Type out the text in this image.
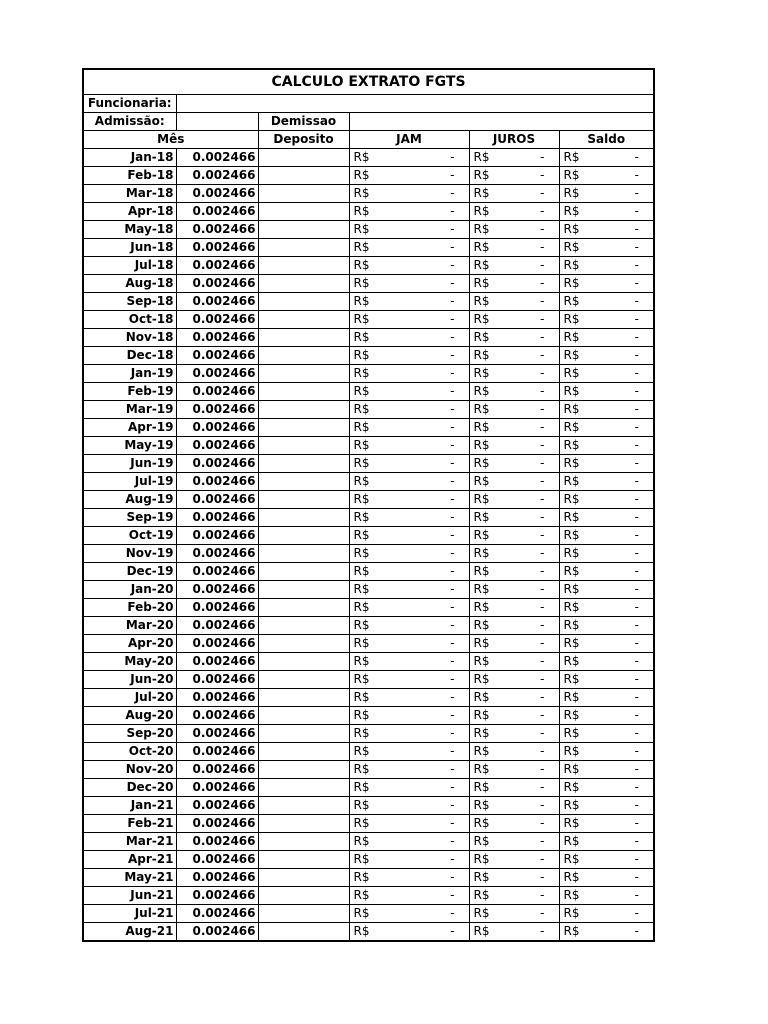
CALCULO EXTRATO FGTS					
Funcionaria:					
Admissão:		Demissao			
Mês		Deposito	JAM	JUROS	Saldo
Jan-18	0.002466		R$ -	R$ -	R$ -

Feb-18	0.002466		R$ -	R$ -	R$ -

Mar-18	0.002466		R$ -	R$ -	R$ -

Apr-18	0.002466		R$ -	R$ -	R$ -

May-18	0.002466		R$ -	R$ -	R$ -

Jun-18	0.002466		R$ -	R$ -	R$ -

Jul-18	0.002466		R$ -	R$ -	R$ -

Aug-18	0.002466		R$ -	R$ -	R$ -

Sep-18	0.002466		R$ -	R$ -	R$ -

Oct-18	0.002466		R$ -	R$ -	R$ -

Nov-18	0.002466		R$ -	R$ -	R$ -

Dec-18	0.002466		R$ -	R$ -	R$ -

Jan-19	0.002466		R$ -	R$ -	R$ -

Feb-19	0.002466		R$ -	R$ -	R$ -

Mar-19	0.002466		R$ -	R$ -	R$ -

Apr-19	0.002466		R$ -	R$ -	R$ -

May-19	0.002466		R$ -	R$ -	R$ -

Jun-19	0.002466		R$ -	R$ -	R$ -

Jul-19	0.002466		R$ -	R$ -	R$ -

Aug-19	0.002466		R$ -	R$ -	R$ -

Sep-19	0.002466		R$ -	R$ -	R$ -

Oct-19	0.002466		R$ -	R$ -	R$ -

Nov-19	0.002466		R$ -	R$ -	R$ -

Dec-19	0.002466		R$ -	R$ -	R$ -

Jan-20	0.002466		R$ -	R$ -	R$ -

Feb-20	0.002466		R$ -	R$ -	R$ -

Mar-20	0.002466		R$ -	R$ -	R$ -

Apr-20	0.002466		R$ -	R$ -	R$ -

May-20	0.002466		R$ -	R$ -	R$ -

Jun-20	0.002466		R$ -	R$ -	R$ -

Jul-20	0.002466		R$ -	R$ -	R$ -

Aug-20	0.002466		R$ -	R$ -	R$ -

Sep-20	0.002466		R$ -	R$ -	R$ -

Oct-20	0.002466		R$ -	R$ -	R$ -

Nov-20	0.002466		R$ -	R$ -	R$ -

Dec-20	0.002466		R$ -	R$ -	R$ -

Jan-21	0.002466		R$ -	R$ -	R$ -

Feb-21	0.002466		R$ -	R$ -	R$ -

Mar-21	0.002466		R$ -	R$ -	R$ -

Apr-21	0.002466		R$ -	R$ -	R$ -

May-21	0.002466		R$ -	R$ -	R$ -

Jun-21	0.002466		R$ -	R$ -	R$ -

Jul-21	0.002466		R$ -	R$ -	R$ -

Aug-21	0.002466		R$ -	R$ -	R$ -
